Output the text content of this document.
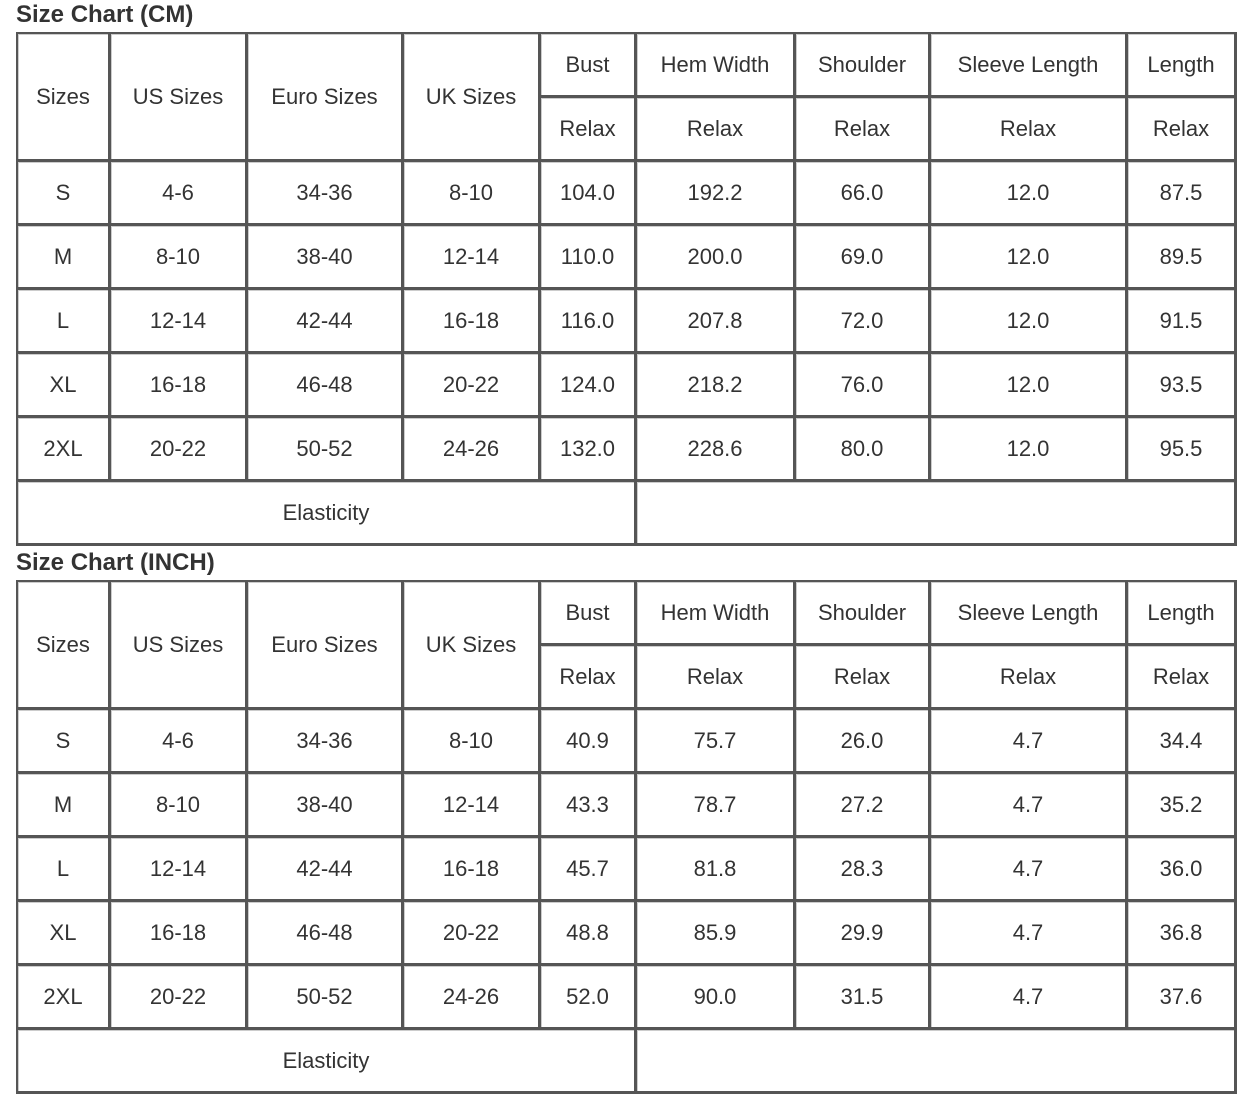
Size Chart (CM)
Sizes	US Sizes	Euro Sizes	UK Sizes	Bust	Hem Width	Shoulder	Sleeve Length	Length
				Relax	Relax	Relax	Relax	Relax
S	4-6	34-36	8-10	104.0	192.2	66.0	12.0	87.5
M	8-10	38-40	12-14	110.0	200.0	69.0	12.0	89.5
L	12-14	42-44	16-18	116.0	207.8	72.0	12.0	91.5
XL	16-18	46-48	20-22	124.0	218.2	76.0	12.0	93.5
2XL	20-22	50-52	24-26	132.0	228.6	80.0	12.0	95.5
Elasticity								
Size Chart (INCH)
Sizes	US Sizes	Euro Sizes	UK Sizes	Bust	Hem Width	Shoulder	Sleeve Length	Length
				Relax	Relax	Relax	Relax	Relax
S	4-6	34-36	8-10	40.9	75.7	26.0	4.7	34.4
M	8-10	38-40	12-14	43.3	78.7	27.2	4.7	35.2
L	12-14	42-44	16-18	45.7	81.8	28.3	4.7	36.0
XL	16-18	46-48	20-22	48.8	85.9	29.9	4.7	36.8
2XL	20-22	50-52	24-26	52.0	90.0	31.5	4.7	37.6
Elasticity								
